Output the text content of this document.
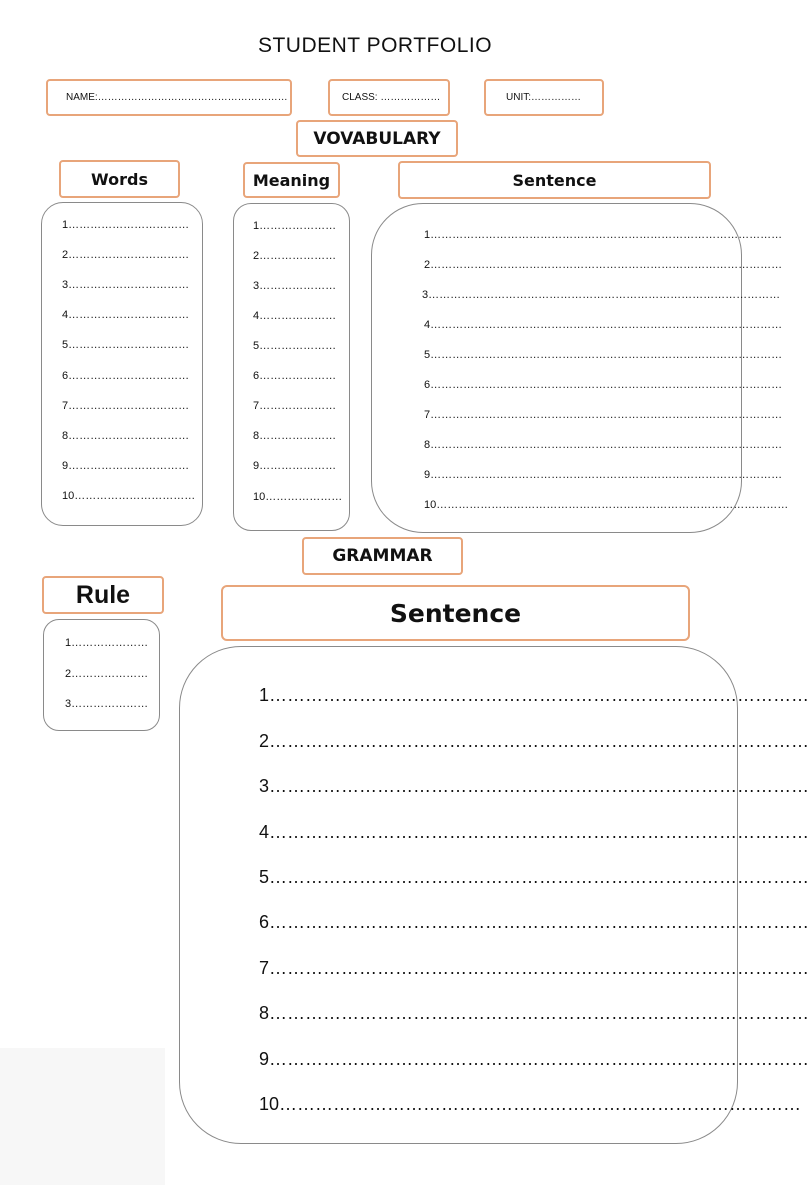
STUDENT PORTFOLIO
NAME:…………………………………………………	CLASS: ………………	UNIT:……………
VOVABULARY
Words	Meaning	Sentence
1……………………………
2……………………………
3……………………………
4……………………………
5……………………………
6……………………………
7……………………………
8……………………………
9……………………………
10……………………………
1…………………
2…………………
3…………………
4…………………
5…………………
6…………………
7…………………
8…………………
9…………………
10…………………
1……………………………………………………………………………………
2……………………………………………………………………………………
3……………………………………………………………………………………
4……………………………………………………………………………………
5……………………………………………………………………………………
6……………………………………………………………………………………
7……………………………………………………………………………………
8……………………………………………………………………………………
9……………………………………………………………………………………
10……………………………………………………………………………………
GRAMMAR
Rule
1…………………
2…………………
3…………………
Sentence
1………………………………………………………………………………
2………………………………………………………………………………
3………………………………………………………………………………
4………………………………………………………………………………
5………………………………………………………………………………
6………………………………………………………………………………
7………………………………………………………………………………
8………………………………………………………………………………
9………………………………………………………………………………
10……………………………………………………………………………
